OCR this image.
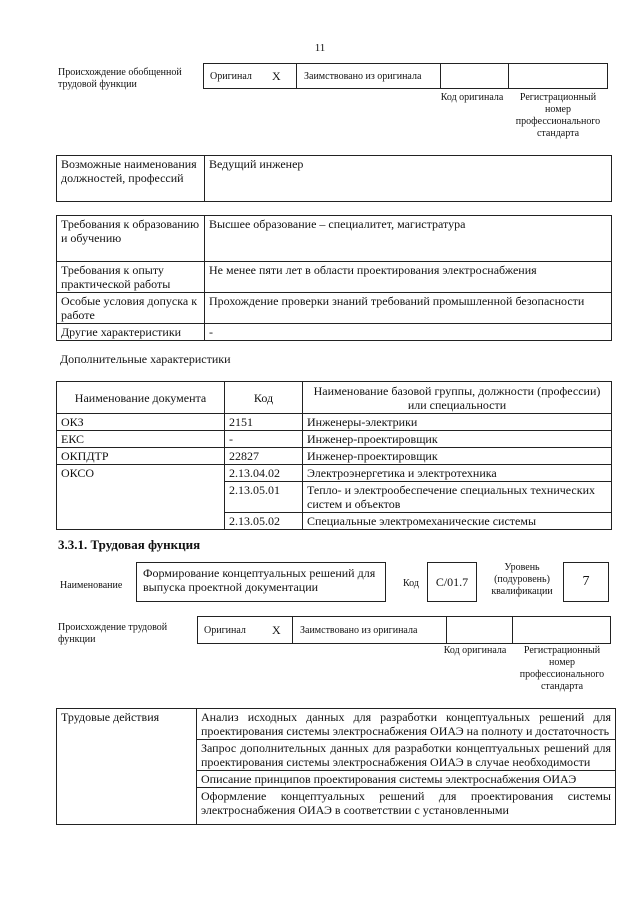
11
Происхождение обобщенной трудовой функции
Оригинал X Заимствовано из оригинала
Код оригинала	Регистрационный номер профессионального стандарта
Возможные наименования должностей, профессий	Ведущий инженер
Требования к образованию и обучению	Высшее образование – специалитет, магистратура
Требования к опыту практической работы	Не менее пяти лет в области проектирования электроснабжения
Особые условия допуска к работе	Прохождение проверки знаний требований промышленной безопасности
Другие характеристики	-
Дополнительные характеристики
Наименование документа	Код	Наименование базовой группы, должности (профессии) или специальности
ОКЗ	2151	Инженеры-электрики
ЕКС	-	Инженер-проектировщик
ОКПДТР	22827	Инженер-проектировщик
ОКСО	2.13.04.02	Электроэнергетика и электротехника
	2.13.05.01	Тепло- и электрообеспечение специальных технических систем и объектов
	2.13.05.02	Специальные электромеханические системы
3.3.1. Трудовая функция
Наименование
Формирование концептуальных решений для выпуска проектной документации	Код	С/01.7
Уровень (подуровень) квалификации
7
Происхождение трудовой функции
Оригинал X Заимствовано из оригинала
Код оригинала	Регистрационный номер профессионального стандарта
Трудовые действия	Анализ исходных данных для разработки концептуальных решений для проектирования системы электроснабжения ОИАЭ на полноту и достаточность
Запрос дополнительных данных для разработки концептуальных решений для проектирования системы электроснабжения ОИАЭ в случае необходимости
Описание принципов проектирования системы электроснабжения ОИАЭ
Оформление концептуальных решений для проектирования системы электроснабжения ОИАЭ в соответствии с установленными
